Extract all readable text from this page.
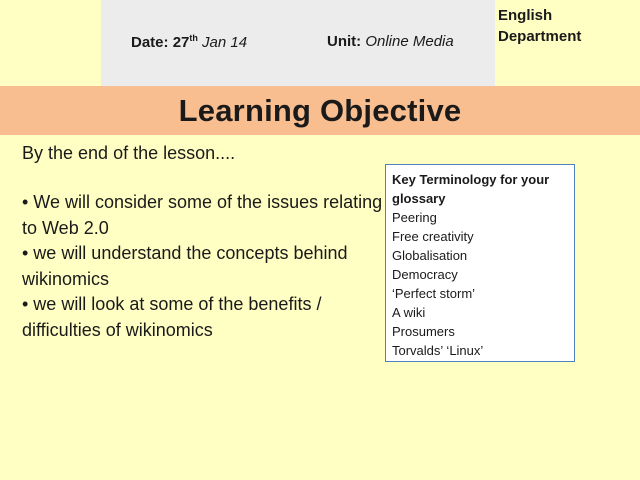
Date: 27th Jan 14	Unit: Online Media
English
Department
Learning Objective
By the end of the lesson....
• We will consider some of the issues relating to Web 2.0
• we will understand the concepts behind wikinomics
• we will look at some of the benefits / difficulties of wikinomics
Key Terminology for your glossary
Peering
Free creativity
Globalisation
Democracy
‘Perfect storm’
A wiki
Prosumers
Torvalds’ ‘Linux’
